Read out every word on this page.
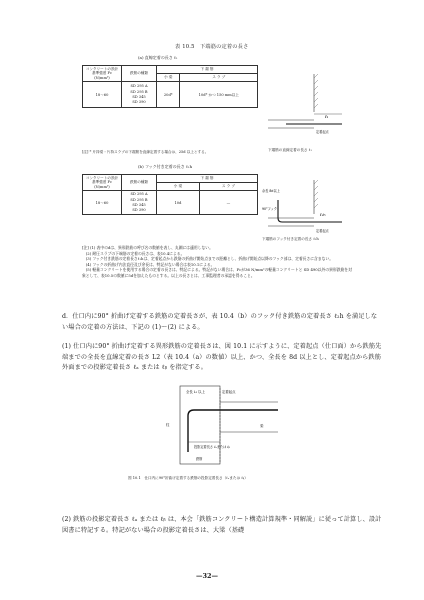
表 10.5　下端筋の定着の長さ
(a) 直線定着の長さ ℓ₁
コンクリートの設計基準強度 Fc (N/mm²)	鉄筋の種類	下 端 筋	
		小 梁	ス ラ ブ
18〜60	SD 295 A
SD 295 B
SD 345
SD 390	20d*	10d* かつ 150 mm以上
[注] * 片持梁・片持スラブの下端筋を直線定着する場合は、25d 以上とする。
ℓ₁
定着起点
下端筋の直線定着の長さ ℓ₁
(b) フック付き定着の長さ ℓ₁h
コンクリートの設計基準強度 Fc (N/mm²)	鉄筋の種類	下 端 筋	
		小 梁	ス ラ ブ
18〜60	SD 295 A
SD 295 B
SD 345
SD 390	10d	—
余長 8d以上
90°フック
ℓ₁h
定着起点
下端筋のフック付き定着の長さ ℓ₁h
[注] (1) 表中のdは、異形鉄筋の呼び名の数値を表し、丸鋼には適用しない。
　(2) 耐圧スラブの下端筋の定着の長さは、表10.4による。
　(3) フック付き鉄筋の定着長さℓ₁hは、定着起点から鉄筋の折曲げ開始点までの距離とし、折曲げ開始点以降のフック部は、定着長さに含まない。
　(4) フックの折曲げ内法直径及び余長は、特記がない場合は表10.1による。
　(5) 軽量コンクリートを使用する場合の定着の長さは、特記による。特記がない場合は、Fcが36 N/mm²の軽量コンクリートと SD 490以外の異形鉄筋を対象として、表10.5の数値に5dを加えたものとする。以上の長さとは、工事監理者の承認を得ること。
d．仕口内に90° 折曲げ定着する鉄筋の定着長さが、表 10.4（b）のフック付き鉄筋の定着長さ ℓ₂h を満足しない場合の定着の方法は、下記の (1)〜(2) による。
(1) 仕口内に90° 折曲げ定着する異形鉄筋の定着長さは、図 10.1 に示すように、定着起点（仕口面）から鉄筋先端までの全長を直線定着の長さ L2（表 10.4（a）の数値）以上、かつ、全長を 8d 以上とし、定着起点から鉄筋外面までの投影定着長さ ℓₐ または ℓᵦ を指定する。
全長 L₂ 以上	定着起点
投影定着長さ ℓₐまたは ℓᵦ
鉄筋
柱	梁
図 10.1　仕口内に90°折曲げ定着する鉄筋の投影定着長さ（ℓₐまたは ℓᵦ）
(2) 鉄筋の投影定着長さ ℓₐ または ℓᵦ は、本会「鉄筋コンクリート構造計算規準・同解説」に従って計算し、設計図書に特記する。特記がない場合の投影定着長さは、大梁（基礎
—32—
